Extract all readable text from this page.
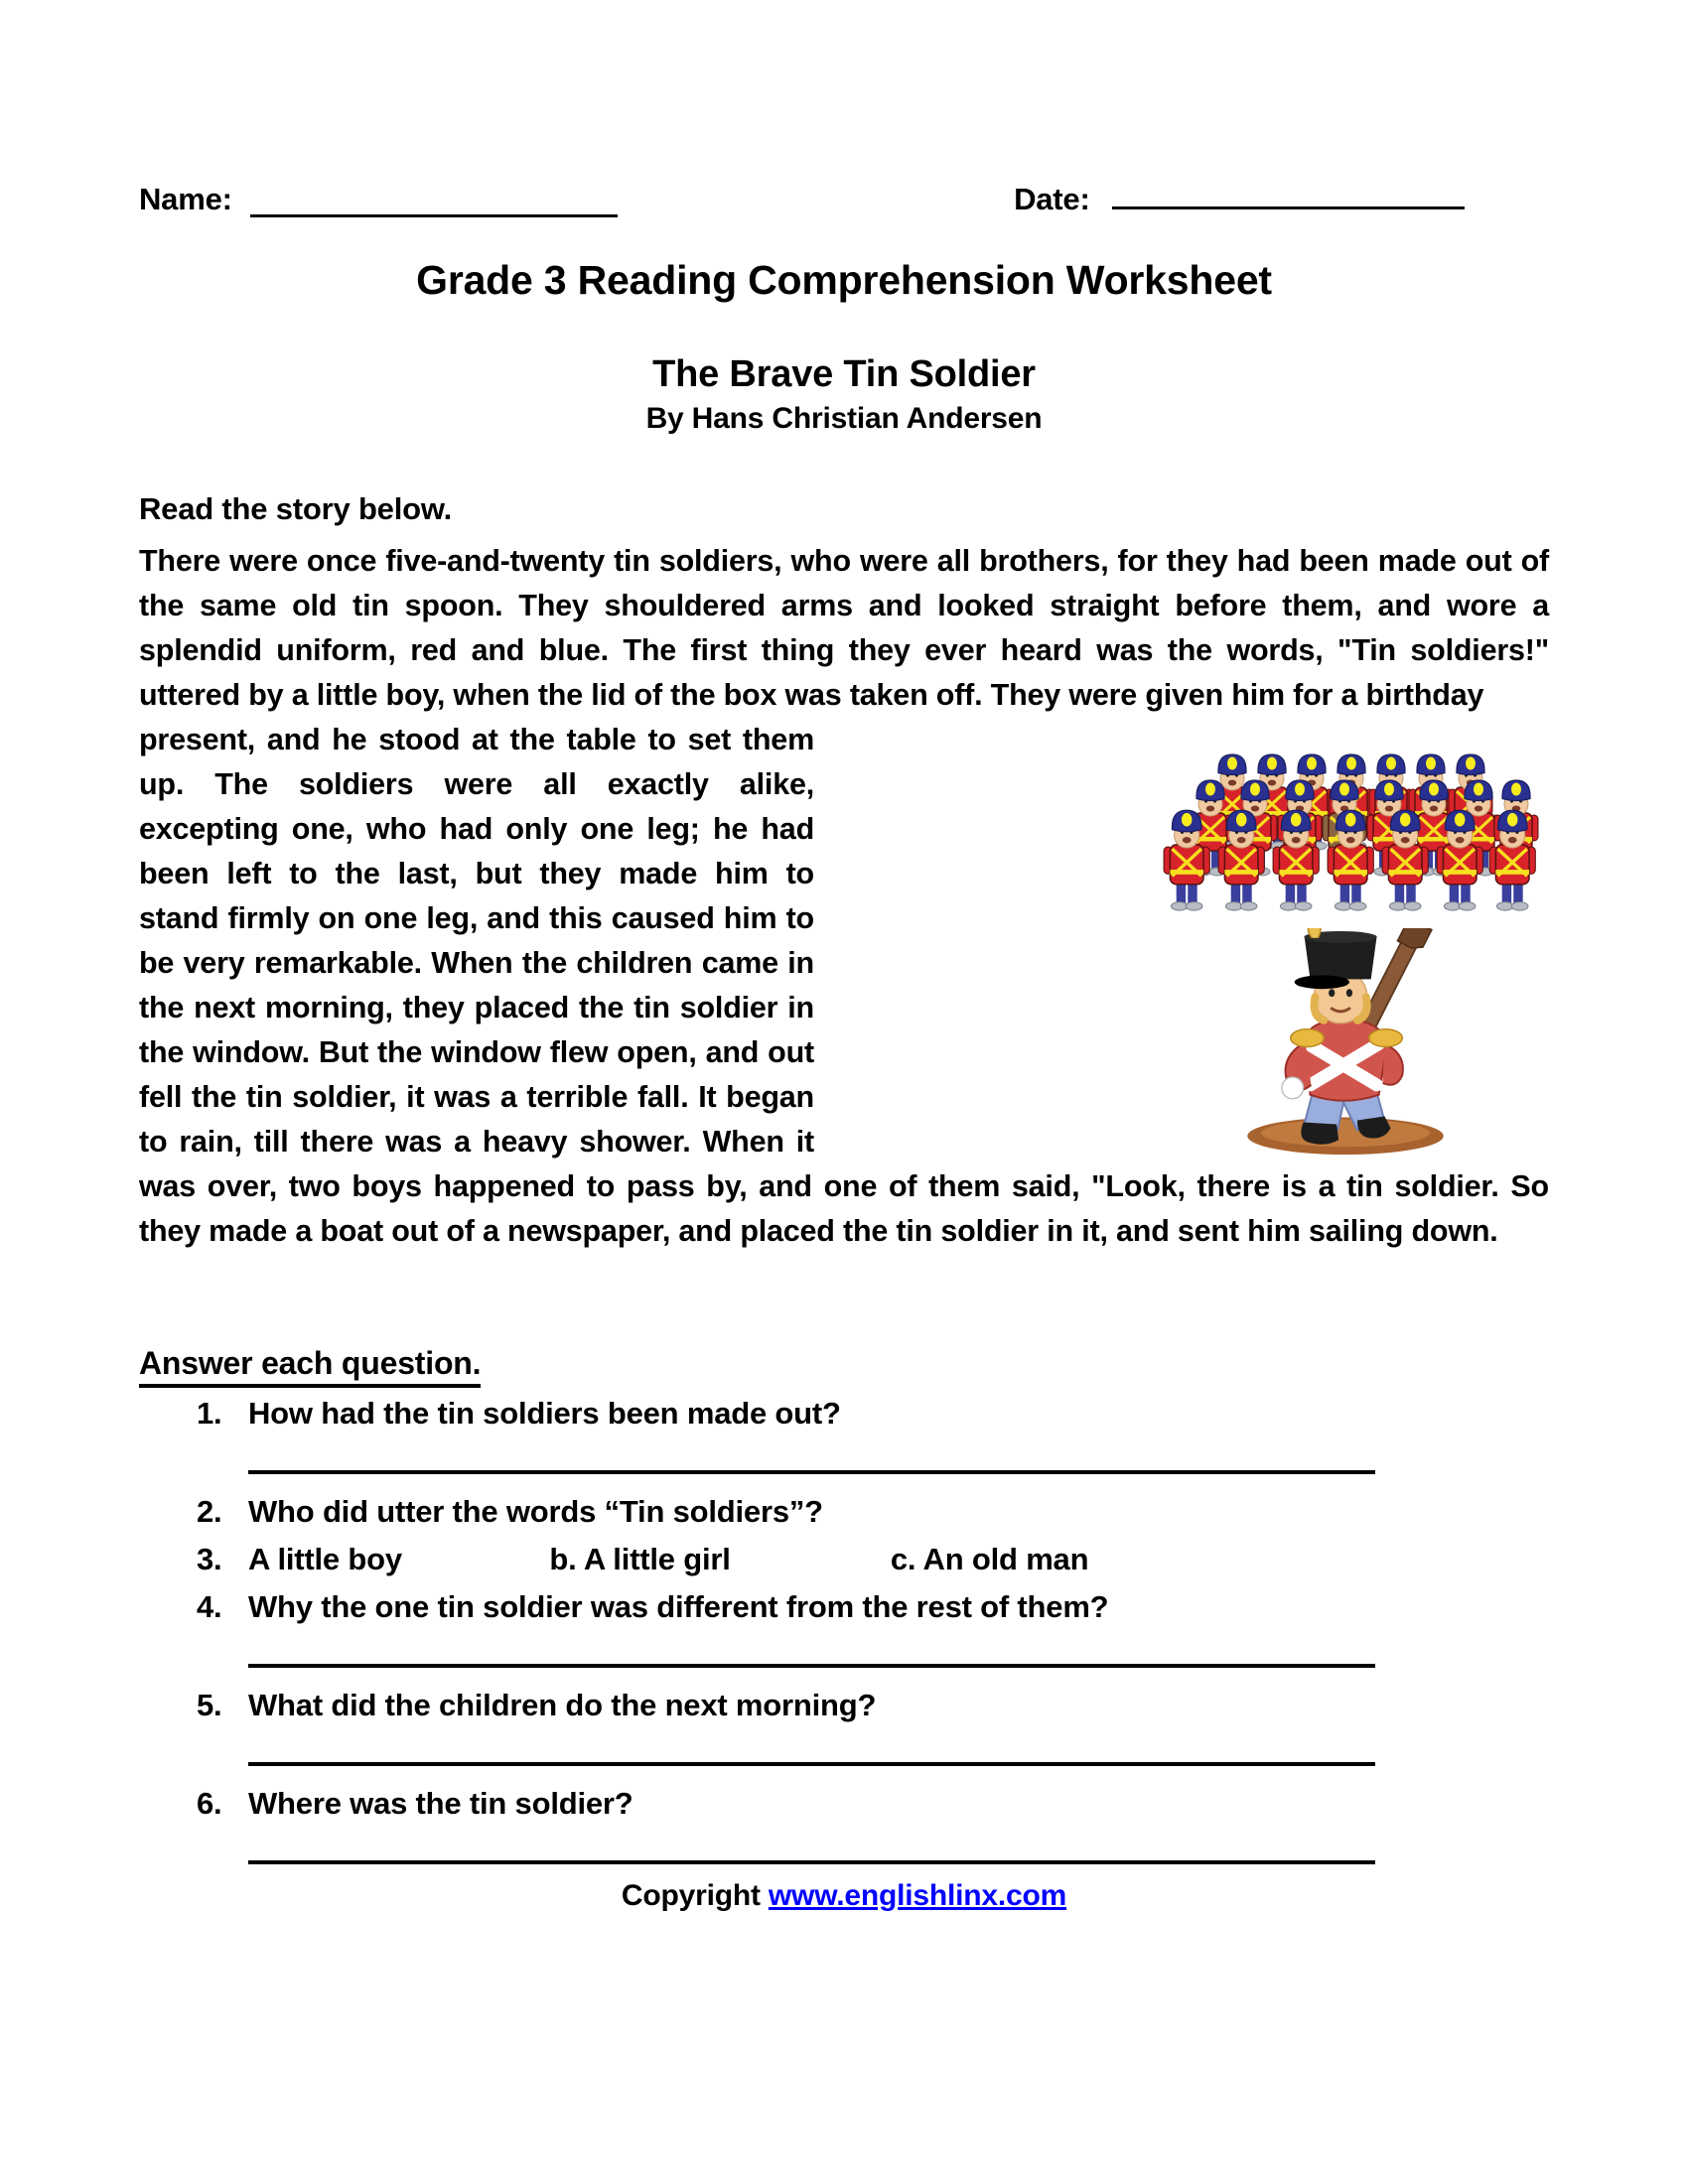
Name:	Date:
Grade 3 Reading Comprehension Worksheet
The Brave Tin Soldier
By Hans Christian Andersen
Read the story below.

There were once five-and-twenty tin soldiers, who were all brothers, for they had been made out of the same old tin spoon. They shouldered arms and looked straight before them, and wore a splendid uniform, red and blue. The first thing they ever heard was the words, "Tin soldiers!" uttered by a little boy, when the lid of the box was taken off. They were given him for a birthday

present, and he stood at the table to set them up. The soldiers were all exactly alike, excepting one, who had only one leg; he had been left to the last, but they made him to stand firmly on one leg, and this caused him to be very remarkable. When the children came in the next morning, they placed the tin soldier in the window. But the window flew open, and out fell the tin soldier, it was a terrible fall. It began to rain, till there was a heavy shower. When it was over, two boys happened to pass by, and one of them said, "Look, there is a tin soldier. So they made a boat out of a newspaper, and placed the tin soldier in it, and sent him sailing down.
Answer each question.
1. How had the tin soldiers been made out?
2. Who did utter the words “Tin soldiers”?
3. A little boy	b. A little girl	c. An old man
4. Why the one tin soldier was different from the rest of them?
5. What did the children do the next morning?
6. Where was the tin soldier?
Copyright www.englishlinx.com
